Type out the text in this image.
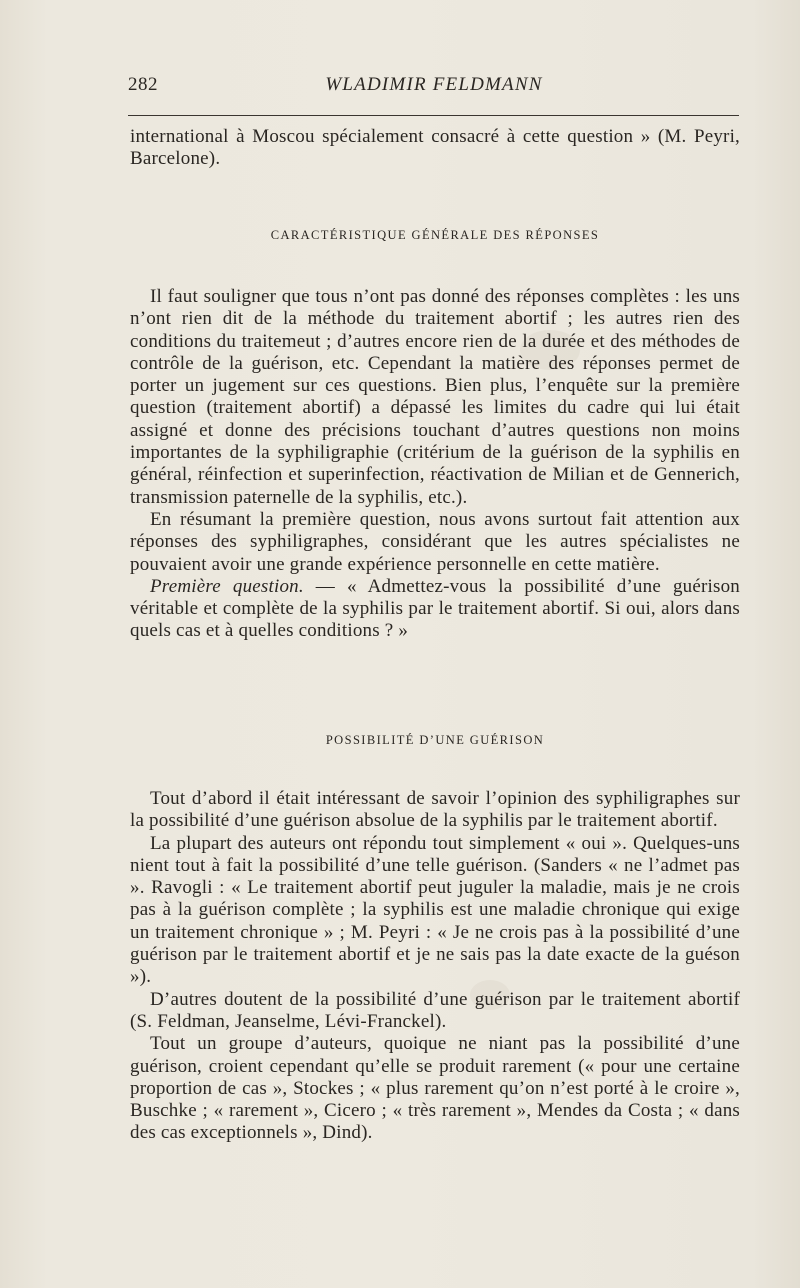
282	WLADIMIR FELDMANN

international à Moscou spécialement consacré à cette question » (M. Peyri, Barcelone).

CARACTÉRISTIQUE GÉNÉRALE DES RÉPONSES

Il faut souligner que tous n’ont pas donné des réponses complètes : les uns n’ont rien dit de la méthode du traitement abortif ; les autres rien des conditions du traitemeut ; d’autres encore rien de la durée et des méthodes de contrôle de la guérison, etc. Cependant la matière des réponses permet de porter un jugement sur ces questions. Bien plus, l’enquête sur la première question (traitement abortif) a dépassé les limites du cadre qui lui était assigné et donne des précisions touchant d’autres questions non moins importantes de la syphiligraphie (critérium de la guérison de la syphilis en général, réinfection et superinfection, réactivation de Milian et de Gennerich, transmission paternelle de la syphilis, etc.).

En résumant la première question, nous avons surtout fait attention aux réponses des syphiligraphes, considérant que les autres spécialistes ne pouvaient avoir une grande expérience personnelle en cette matière.

Première question. — « Admettez-vous la possibilité d’une guérison véritable et complète de la syphilis par le traitement abortif. Si oui, alors dans quels cas et à quelles conditions ? »

POSSIBILITÉ D’UNE GUÉRISON

Tout d’abord il était intéressant de savoir l’opinion des syphiligraphes sur la possibilité d’une guérison absolue de la syphilis par le traitement abortif.

La plupart des auteurs ont répondu tout simplement « oui ». Quelques-uns nient tout à fait la possibilité d’une telle guérison. (Sanders « ne l’admet pas ». Ravogli : « Le traitement abortif peut juguler la maladie, mais je ne crois pas à la guérison complète ; la syphilis est une maladie chronique qui exige un traitement chronique » ; M. Peyri : « Je ne crois pas à la possibilité d’une guérison par le traitement abortif et je ne sais pas la date exacte de la guéson »).

D’autres doutent de la possibilité d’une guérison par le traitement abortif (S. Feldman, Jeanselme, Lévi-Franckel).

Tout un groupe d’auteurs, quoique ne niant pas la possibilité d’une guérison, croient cependant qu’elle se produit rarement (« pour une certaine proportion de cas », Stockes ; « plus rarement qu’on n’est porté à le croire », Buschke ; « rarement », Cicero ; « très rarement », Mendes da Costa ; « dans des cas exceptionnels », Dind).
